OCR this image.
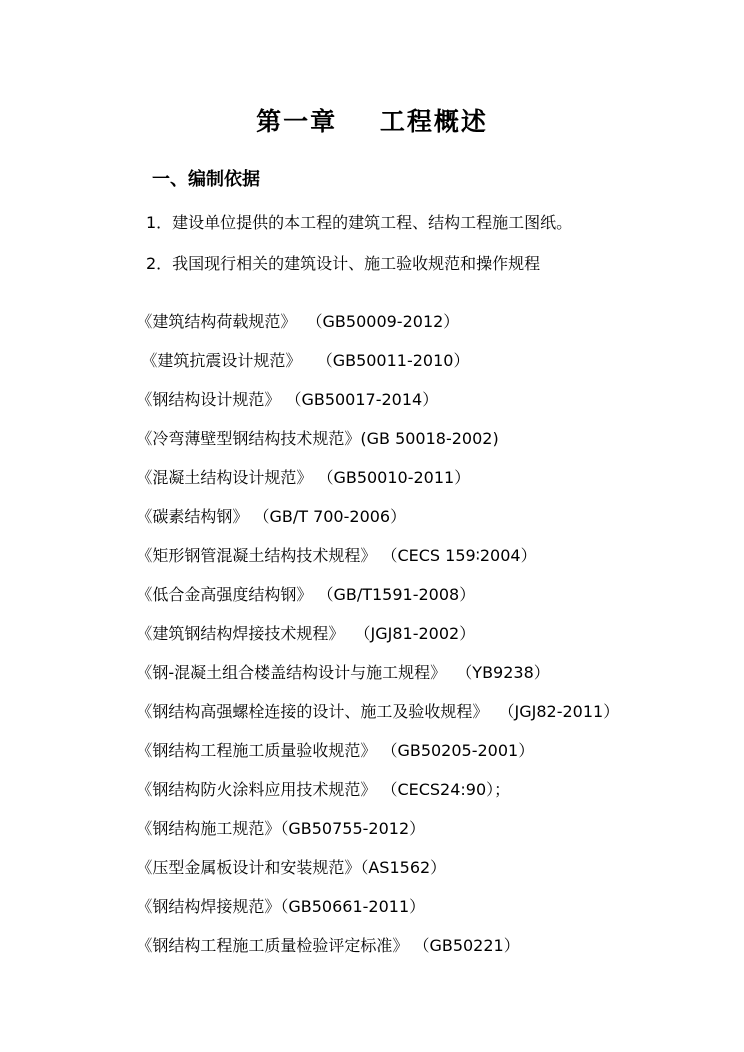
第一章    工程概述
一、编制依据
1．建设单位提供的本工程的建筑工程、结构工程施工图纸。
2．我国现行相关的建筑设计、施工验收规范和操作规程

《建筑结构荷载规范》  （GB50009-2012）

《建筑抗震设计规范》   （GB50011-2010）

《钢结构设计规范》 （GB50017-2014）

《冷弯薄壁型钢结构技术规范》(GB 50018-2002)

《混凝土结构设计规范》 （GB50010-2011）

《碳素结构钢》 （GB/T 700-2006）

《矩形钢管混凝土结构技术规程》 （CECS 159∶2004）

《低合金高强度结构钢》 （GB/T1591-2008）

《建筑钢结构焊接技术规程》  （JGJ81-2002）

《钢-混凝土组合楼盖结构设计与施工规程》  （YB9238）

《钢结构高强螺栓连接的设计、施工及验收规程》  （JGJ82-2011）

《钢结构工程施工质量验收规范》 （GB50205-2001）

《钢结构防火涂料应用技术规范》 （CECS24:90）；

《钢结构施工规范》（GB50755-2012）

《压型金属板设计和安装规范》（AS1562）

《钢结构焊接规范》（GB50661-2011）

《钢结构工程施工质量检验评定标准》 （GB50221）
